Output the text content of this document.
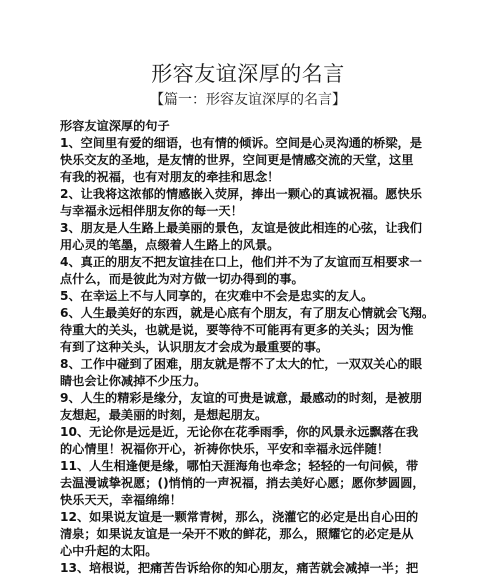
形容友谊深厚的名言
【篇一：形容友谊深厚的名言】

形容友谊深厚的句子

1、空间里有爱的细语，也有情的倾诉。空间是心灵沟通的桥梁，是

快乐交友的圣地，是友情的世界，空间更是情感交流的天堂，这里

有我的祝福，也有对朋友的牵挂和思念！

2、让我将这浓郁的情感嵌入荧屏，捧出一颗心的真诚祝福。愿快乐

与幸福永远相伴朋友你的每一天！

3、朋友是人生路上最美丽的景色，友谊是彼此相连的心弦，让我们

用心灵的笔墨，点缀着人生路上的风景。

4、真正的朋友不把友谊挂在口上，他们并不为了友谊而互相要求一

点什么，而是彼此为对方做一切办得到的事。

5、在幸运上不与人同享的，在灾难中不会是忠实的友人。

6、人生最美好的东西，就是心底有个朋友，有了朋友心情就会飞翔。

待重大的关头，也就是说，要等待不可能再有更多的关头；因为惟

有到了这种关头，认识朋友才会成为最重要的事。

8、工作中碰到了困难，朋友就是帮不了太大的忙，一双双关心的眼

睛也会让你减掉不少压力。

9、人生的精彩是缘分，友谊的可贵是诚意，最感动的时刻，是被朋

友想起，最美丽的时刻，是想起朋友。

10、无论你是远是近，无论你在花季雨季，你的风景永远飘落在我

的心情里！祝福你开心，祈祷你快乐，平安和幸福永远伴随！

11、人生相逢便是缘，哪怕天涯海角也牵念；轻轻的一句问候，带

去温漫诚挚祝愿；()悄悄的一声祝福，捎去美好心愿；愿你梦圆圆，

快乐天天，幸福绵绵！

12、如果说友谊是一颗常青树，那么，浇灌它的必定是出自心田的

清泉；如果说友谊是一朵开不败的鲜花，那么，照耀它的必定是从

心中升起的太阳。

13、培根说，把痛苦告诉给你的知心朋友，痛苦就会减掉一半；把
